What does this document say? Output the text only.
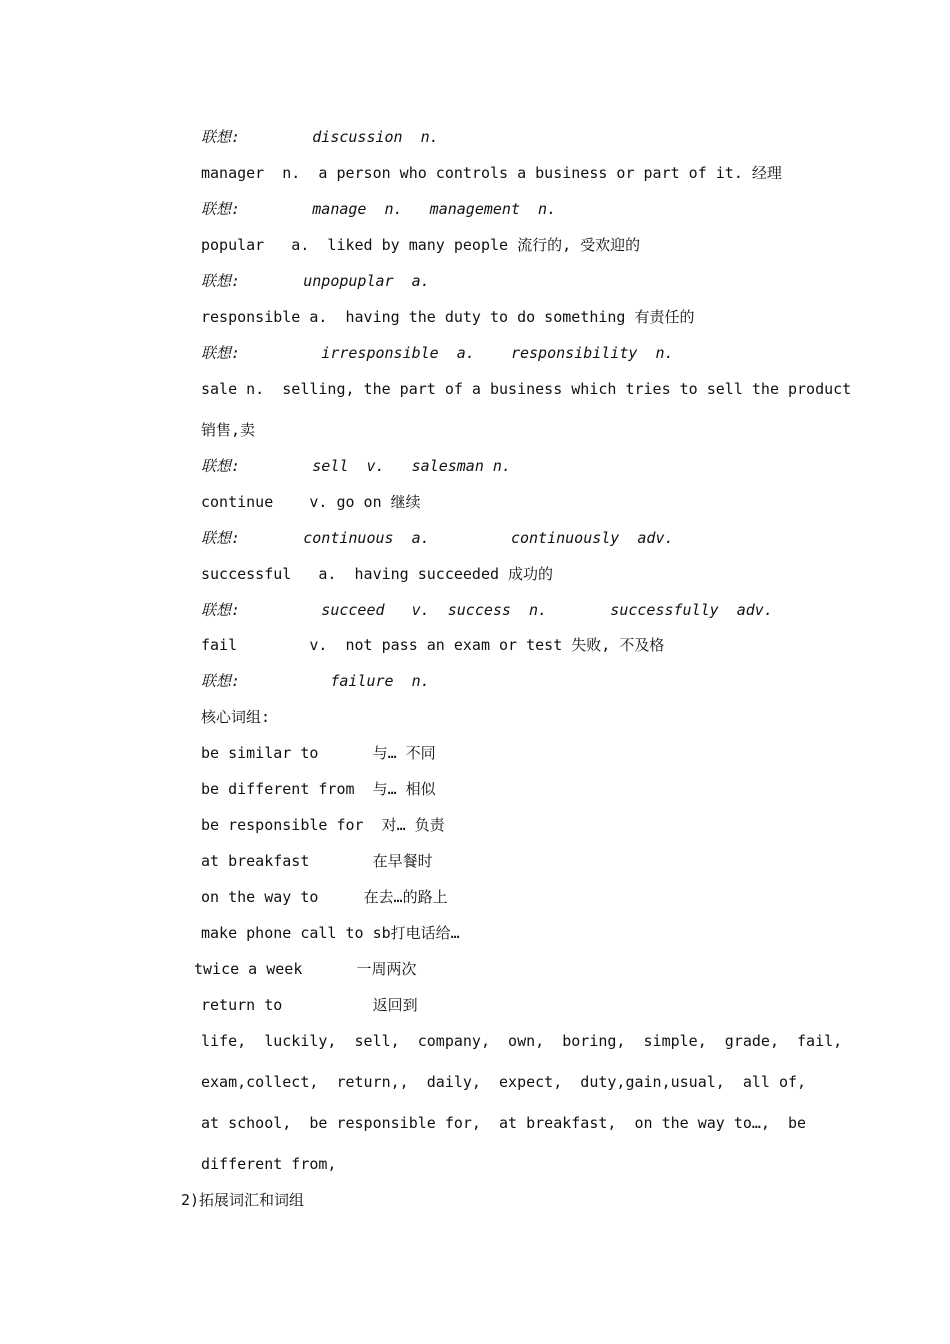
联想:        discussion  n.
manager  n.  a person who controls a business or part of it. 经理
联想:        manage  n.   management  n.
popular   a.  liked by many people 流行的, 受欢迎的
联想:       unpopuplar  a.
responsible a.  having the duty to do something 有责任的
联想:         irresponsible  a.    responsibility  n.
sale n.  selling, the part of a business which tries to sell the product
销售,卖
联想:        sell  v.   salesman n.
continue    v. go on 继续
联想:       continuous  a.         continuously  adv.
successful   a.  having succeeded 成功的
联想:         succeed   v.  success  n.       successfully  adv.
fail        v.  not pass an exam or test 失败, 不及格
联想:          failure  n.
核心词组:
be similar to      与… 不同
be different from  与… 相似
be responsible for  对… 负责
at breakfast       在早餐时
on the way to     在去…的路上
make phone call to sb打电话给…
twice a week      一周两次
return to          返回到
life,  luckily,  sell,  company,  own,  boring,  simple,  grade,  fail,
exam,collect,  return,,  daily,  expect,  duty,gain,usual,  all of,
at school,  be responsible for,  at breakfast,  on the way to…,  be
different from,
2)拓展词汇和词组
